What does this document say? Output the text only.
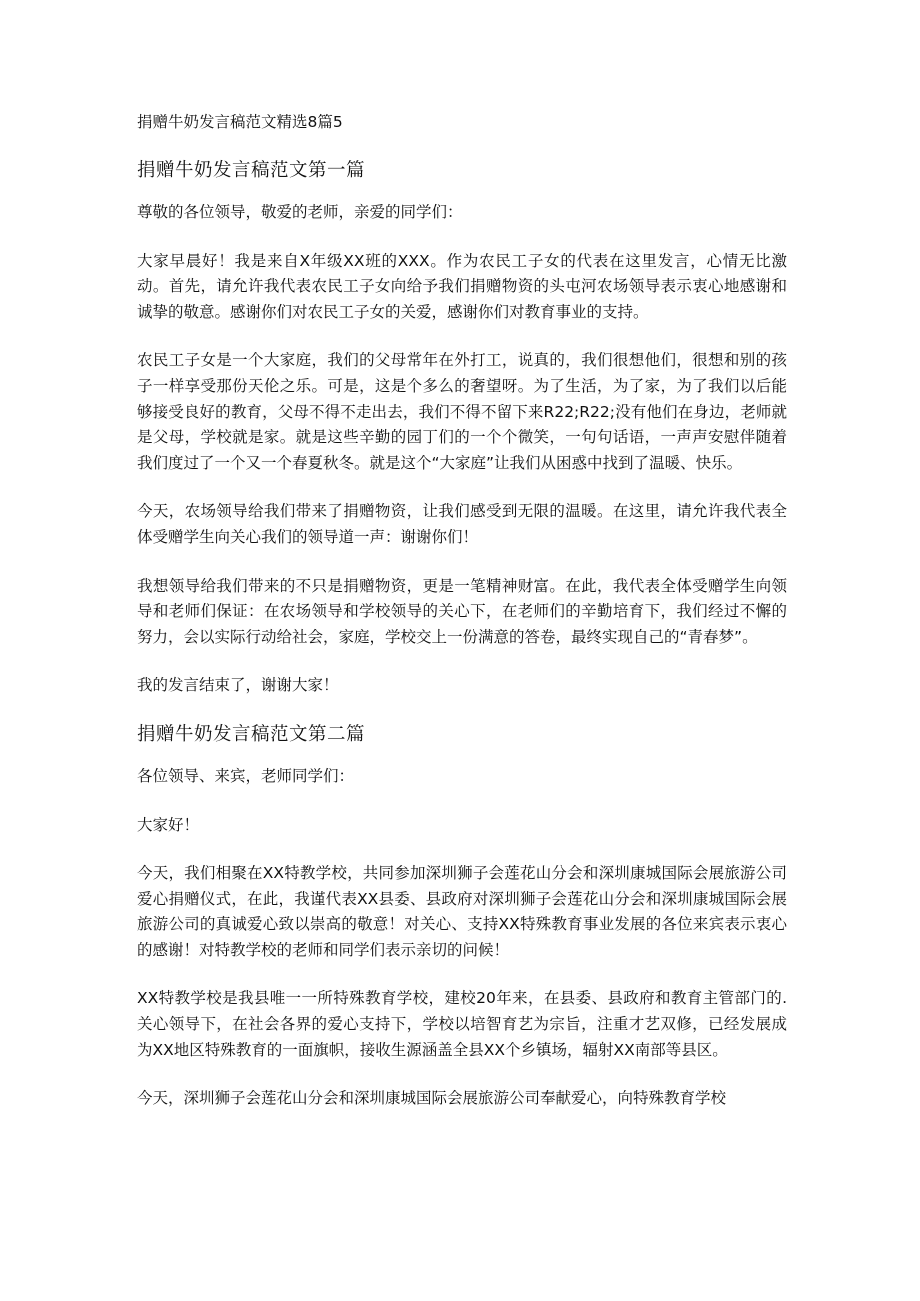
捐赠牛奶发言稿范文精选8篇5
捐赠牛奶发言稿范文第一篇

尊敬的各位领导，敬爱的老师，亲爱的同学们：

大家早晨好！我是来自X年级XX班的XXX。作为农民工子女的代表在这里发言，心情无比激动。首先，请允许我代表农民工子女向给予我们捐赠物资的头屯河农场领导表示衷心地感谢和诚挚的敬意。感谢你们对农民工子女的关爱，感谢你们对教育事业的支持。

农民工子女是一个大家庭，我们的父母常年在外打工，说真的，我们很想他们，很想和别的孩子一样享受那份天伦之乐。可是，这是个多么的奢望呀。为了生活，为了家，为了我们以后能够接受良好的教育，父母不得不走出去，我们不得不留下来R22;R22;没有他们在身边，老师就是父母，学校就是家。就是这些辛勤的园丁们的一个个微笑，一句句话语，一声声安慰伴随着我们度过了一个又一个春夏秋冬。就是这个“大家庭”让我们从困惑中找到了温暖、快乐。

今天，农场领导给我们带来了捐赠物资，让我们感受到无限的温暖。在这里，请允许我代表全体受赠学生向关心我们的领导道一声：谢谢你们！

我想领导给我们带来的不只是捐赠物资，更是一笔精神财富。在此，我代表全体受赠学生向领导和老师们保证：在农场领导和学校领导的关心下，在老师们的辛勤培育下，我们经过不懈的努力，会以实际行动给社会，家庭，学校交上一份满意的答卷，最终实现自己的“青春梦”。

我的发言结束了，谢谢大家！

捐赠牛奶发言稿范文第二篇

各位领导、来宾，老师同学们：

大家好！

今天，我们相聚在XX特教学校，共同参加深圳狮子会莲花山分会和深圳康城国际会展旅游公司爱心捐赠仪式，在此，我谨代表XX县委、县政府对深圳狮子会莲花山分会和深圳康城国际会展旅游公司的真诚爱心致以崇高的敬意！对关心、支持XX特殊教育事业发展的各位来宾表示衷心的感谢！对特教学校的老师和同学们表示亲切的问候！

XX特教学校是我县唯一一所特殊教育学校，建校20年来，在县委、县政府和教育主管部门的.关心领导下，在社会各界的爱心支持下，学校以培智育艺为宗旨，注重才艺双修，已经发展成为XX地区特殊教育的一面旗帜，接收生源涵盖全县XX个乡镇场，辐射XX南部等县区。

今天，深圳狮子会莲花山分会和深圳康城国际会展旅游公司奉献爱心，向特殊教育学校
